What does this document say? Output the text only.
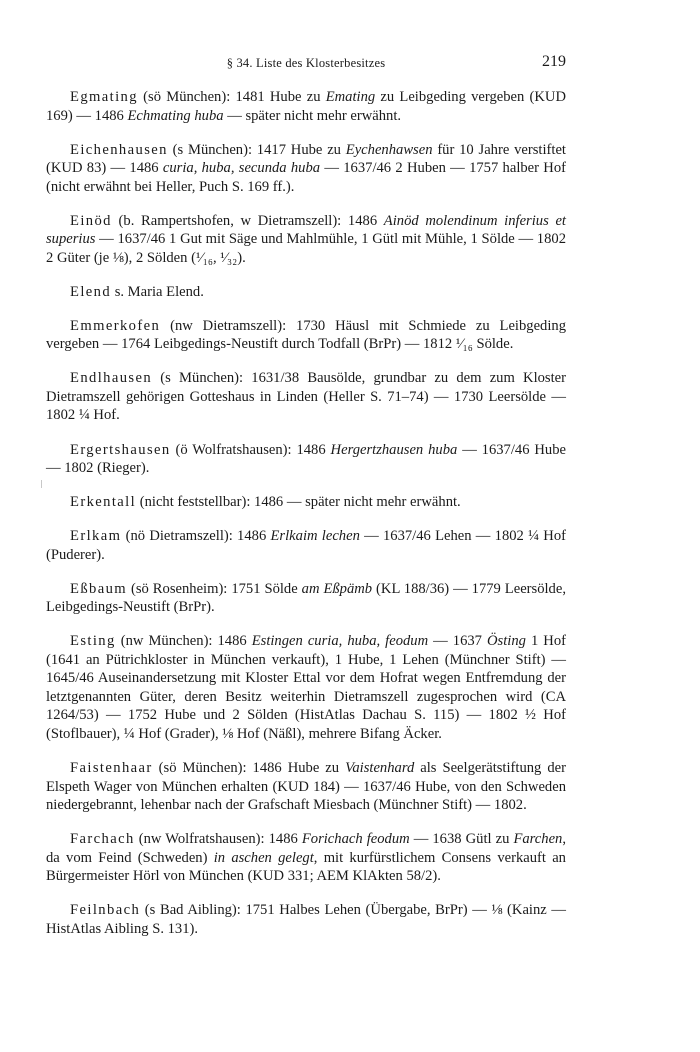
§ 34. Liste des Klosterbesitzes	219

Egmating (sö München): 1481 Hube zu Ematin​g zu Leibgeding vergeben (KUD 169) — 1486 Echmating huba — später nicht mehr erwähnt.

Eichenhausen (s München): 1417 Hube zu Eychenhawsen für 10 Jahre verstiftet (KUD 83) — 1486 curia, huba, secunda huba — 1637/46 2 Huben — 1757 halber Hof (nicht erwähnt bei Heller, Puch S. 169 ff.).

Einöd (b. Rampertshofen, w Dietramszell): 1486 Ainöd molendinum inferius et superius — 1637/46 1 Gut mit Säge und Mahlmühle, 1 Gütl mit Mühle, 1 Sölde — 1802 2 Güter (je ⅛), 2 Sölden (¹⁄₁₆, ¹⁄₃₂).

Elend s. Maria Elend.

Emmerkofen (nw Dietramszell): 1730 Häusl mit Schmiede zu Leibgeding vergeben — 1764 Leibgedings-Neustift durch Todfall (BrPr) — 1812 ¹⁄₁₆ Sölde.

Endlhausen (s München): 1631/38 Bausölde, grundbar zu dem zum Kloster Dietramszell gehörigen Gotteshaus in Linden (Heller S. 71–74) — 1730 Leersölde — 1802 ¼ Hof.

Ergertshausen (ö Wolfratshausen): 1486 Hergertzhausen huba — 1637/46 Hube — 1802 (Rieger).

Erkentall (nicht feststellbar): 1486 — später nicht mehr erwähnt.

Erlkam (nö Dietramszell): 1486 Erlkaim lechen — 1637/46 Lehen — 1802 ¼ Hof (Puderer).

Eßbaum (sö Rosenheim): 1751 Sölde am Eßpämb (KL 188/36) — 1779 Leersölde, Leibgedings-Neustift (BrPr).

Esting (nw München): 1486 Estingen curia, huba, feodum — 1637 Östing 1 Hof (1641 an Pütrichkloster in München verkauft), 1 Hube, 1 Lehen (Münchner Stift) — 1645/46 Auseinandersetzung mit Kloster Ettal vor dem Hofrat wegen Entfremdung der letztgenannten Güter, deren Besitz weiterhin Dietramszell zugesprochen wird (CA 1264/53) — 1752 Hube und 2 Sölden (HistAtlas Dachau S. 115) — 1802 ½ Hof (Stoflbauer), ¼ Hof (Grader), ⅛ Hof (Näßl), mehrere Bifang Äcker.

Faistenhaar (sö München): 1486 Hube zu Vaistenhard als Seelgerätstiftung der Elspeth Wager von München erhalten (KUD 184) — 1637/46 Hube, von den Schweden niedergebrannt, lehenbar nach der Grafschaft Miesbach (Münchner Stift) — 1802.

Farchach (nw Wolfratshausen): 1486 Forichach feodum — 1638 Gütl zu Farchen, da vom Feind (Schweden) in aschen gelegt, mit kurfürstlichem Consens verkauft an Bürgermeister Hörl von München (KUD 331; AEM KlAkten 58/2).

Feilnbach (s Bad Aibling): 1751 Halbes Lehen (Übergabe, BrPr) — ⅛ (Kainz — HistAtlas Aibling S. 131).
